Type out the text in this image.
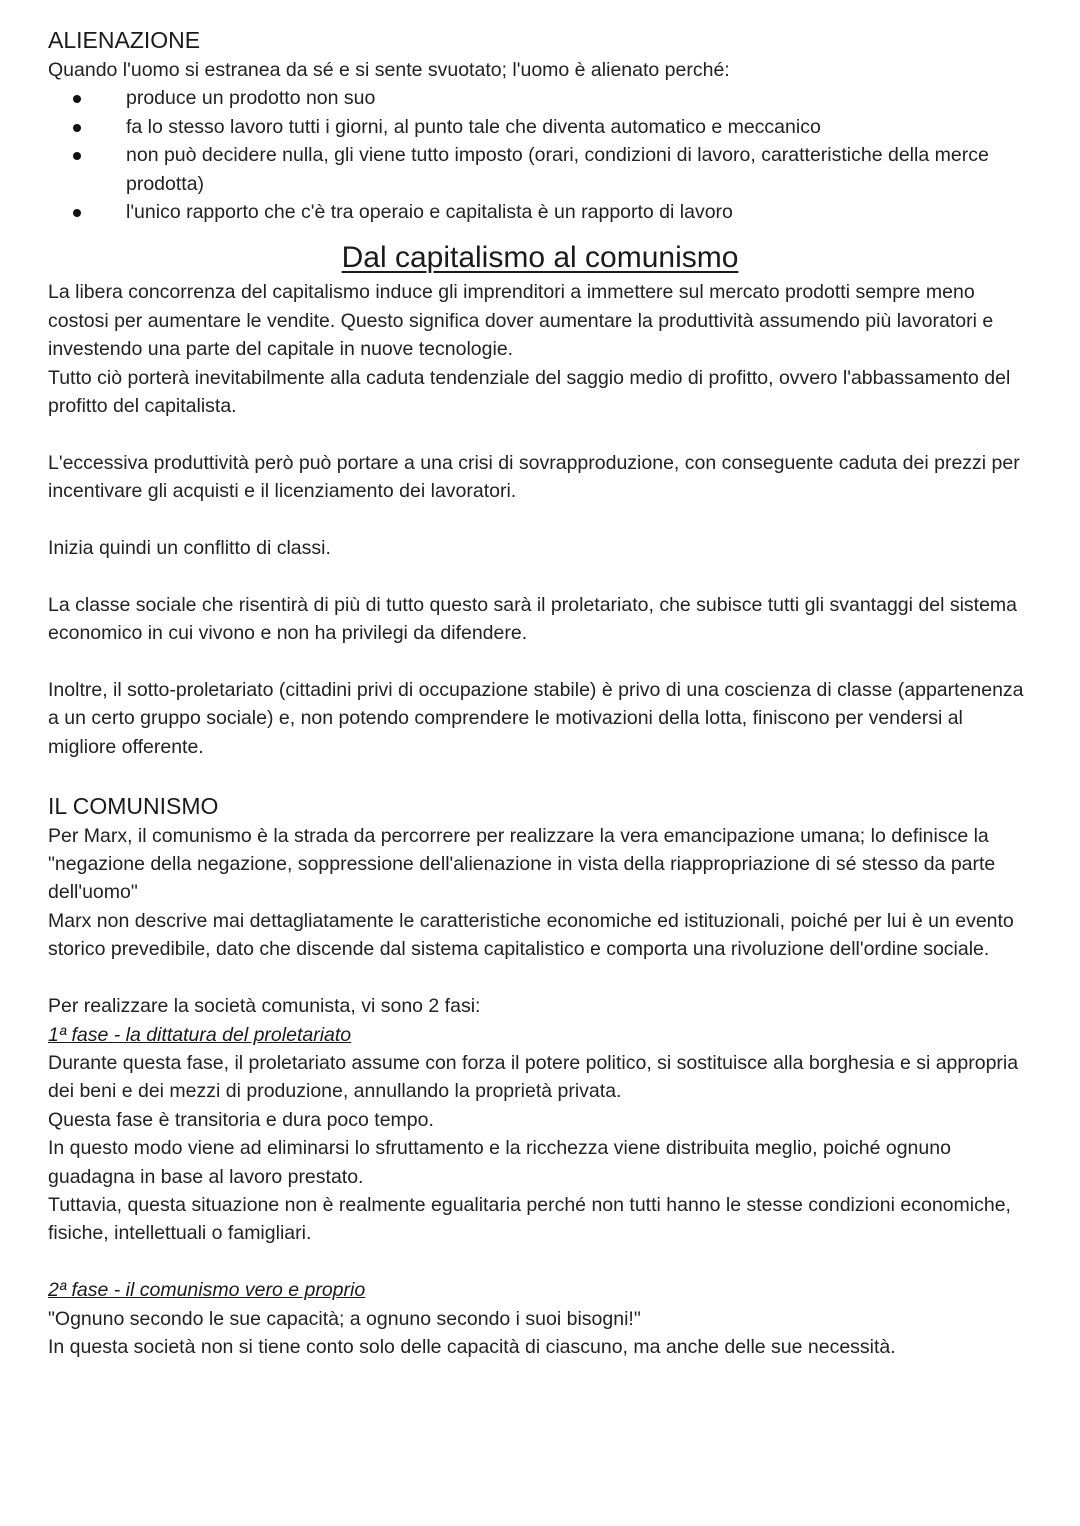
ALIENAZIONE

Quando l'uomo si estranea da sé e si sente svuotato; l'uomo è alienato perché:

produce un prodotto non suo
fa lo stesso lavoro tutti i giorni, al punto tale che diventa automatico e meccanico
non può decidere nulla, gli viene tutto imposto (orari, condizioni di lavoro, caratteristiche della merce prodotta)
l'unico rapporto che c'è tra operaio e capitalista è un rapporto di lavoro
Dal capitalismo al comunismo

La libera concorrenza del capitalismo induce gli imprenditori a immettere sul mercato prodotti sempre meno costosi per aumentare le vendite. Questo significa dover aumentare la produttività assumendo più lavoratori e investendo una parte del capitale in nuove tecnologie.

Tutto ciò porterà inevitabilmente alla caduta tendenziale del saggio medio di profitto, ovvero l'abbassamento del profitto del capitalista.

L'eccessiva produttività però può portare a una crisi di sovrapproduzione, con conseguente caduta dei prezzi per incentivare gli acquisti e il licenziamento dei lavoratori.

Inizia quindi un conflitto di classi.

La classe sociale che risentirà di più di tutto questo sarà il proletariato, che subisce tutti gli svantaggi del sistema economico in cui vivono e non ha privilegi da difendere.

Inoltre, il sotto-proletariato (cittadini privi di occupazione stabile) è privo di una coscienza di classe (appartenenza a un certo gruppo sociale) e, non potendo comprendere le motivazioni della lotta, finiscono per vendersi al migliore offerente.

IL COMUNISMO

Per Marx, il comunismo è la strada da percorrere per realizzare la vera emancipazione umana; lo definisce la "negazione della negazione, soppressione dell'alienazione in vista della riappropriazione di sé stesso da parte dell'uomo"

Marx non descrive mai dettagliatamente le caratteristiche economiche ed istituzionali, poiché per lui è un evento storico prevedibile, dato che discende dal sistema capitalistico e comporta una rivoluzione dell'ordine sociale.

Per realizzare la società comunista, vi sono 2 fasi:

1ª fase - la dittatura del proletariato

Durante questa fase, il proletariato assume con forza il potere politico, si sostituisce alla borghesia e si appropria dei beni e dei mezzi di produzione, annullando la proprietà privata.

Questa fase è transitoria e dura poco tempo.

In questo modo viene ad eliminarsi lo sfruttamento e la ricchezza viene distribuita meglio, poiché ognuno guadagna in base al lavoro prestato.

Tuttavia, questa situazione non è realmente egualitaria perché non tutti hanno le stesse condizioni economiche, fisiche, intellettuali o famigliari.

2ª fase - il comunismo vero e proprio

"Ognuno secondo le sue capacità; a ognuno secondo i suoi bisogni!"

In questa società non si tiene conto solo delle capacità di ciascuno, ma anche delle sue necessità.
